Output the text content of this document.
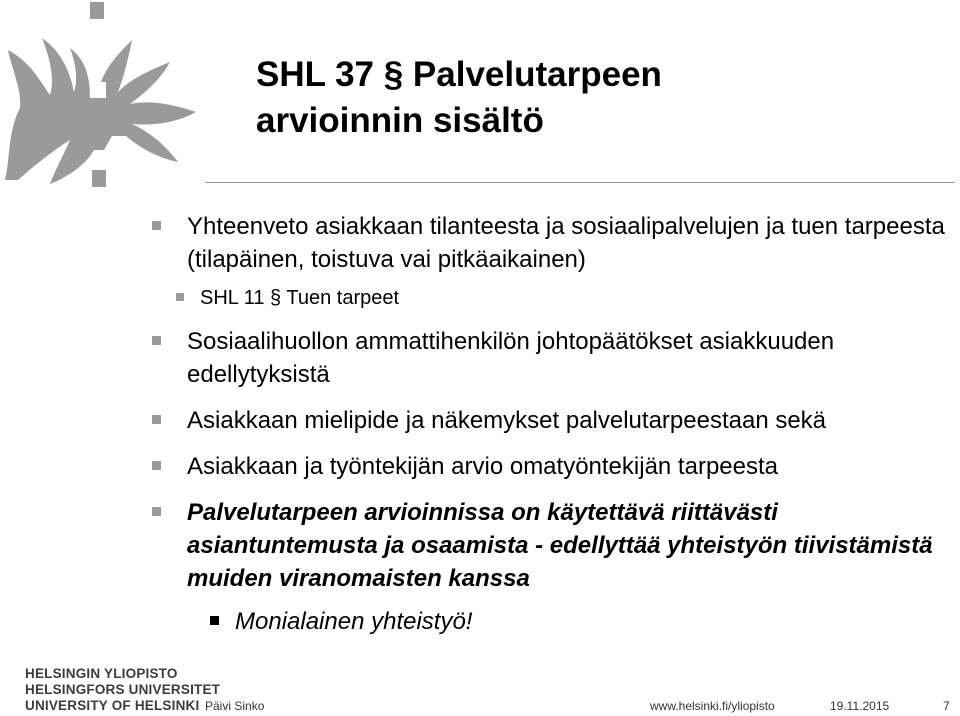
SHL 37 § Palvelutarpeen
arvioinnin sisältö
Yhteenveto asiakkaan tilanteesta ja sosiaalipalvelujen ja tuen tarpeesta (tilapäinen, toistuva vai pitkäaikainen)
SHL 11 § Tuen tarpeet
Sosiaalihuollon ammattihenkilön johtopäätökset asiakkuuden edellytyksistä
Asiakkaan mielipide ja näkemykset palvelutarpeestaan sekä
Asiakkaan ja työntekijän arvio omatyöntekijän tarpeesta
Palvelutarpeen arvioinnissa on käytettävä riittävästi asiantuntemusta ja osaamista - edellyttää yhteistyön tiivistämistä muiden viranomaisten kanssa
Monialainen yhteistyö!
HELSINGIN YLIOPISTO
HELSINGFORS UNIVERSITET
UNIVERSITY OF HELSINKI Päivi Sinko	www.helsinki.fi/yliopisto	19.11.2015	7
